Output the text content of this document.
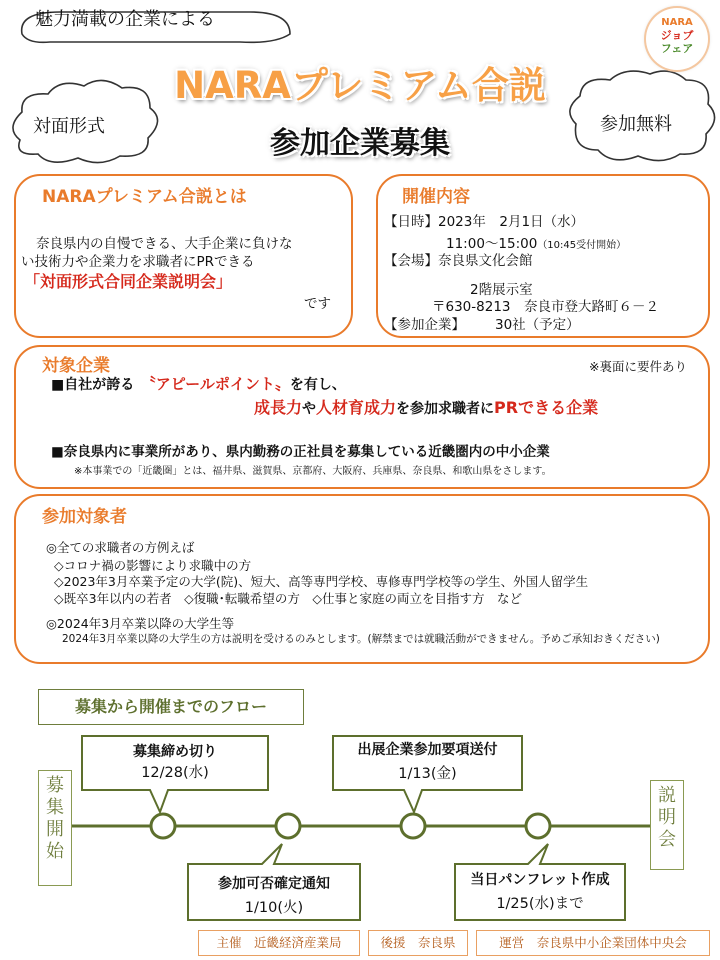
魅力満載の企業による
対面形式	参加無料
NARAプレミアム合説
参加企業募集
NARA
ジョブ
フェア
NARAプレミアム合説とは
奈良県内の自慢できる、大手企業に負けな
い技術力や企業力を求職者にPRできる
「対面形式合同企業説明会」
です
開催内容
【日時】2023年　2月1日（水）
11:00～15:00（10:45受付開始）
【会場】奈良県文化会館
2階展示室
〒630-8213　奈良市登大路町６－２
【参加企業】 30社（予定）
対象企業	※裏面に要件あり
■自社が誇る　〝アピールポイント〟を有し、
成長力や人材育成力を参加求職者にPRできる企業
■奈良県内に事業所があり、県内勤務の正社員を募集している近畿圏内の中小企業
※本事業での「近畿圏」とは、福井県、滋賀県、京都府、大阪府、兵庫県、奈良県、和歌山県をさします。
参加対象者
◎全ての求職者の方例えば
◇コロナ禍の影響により求職中の方
◇2023年3月卒業予定の大学(院)、短大、高等専門学校、専修専門学校等の学生、外国人留学生
◇既卒3年以内の若者　◇復職･転職希望の方　◇仕事と家庭の両立を目指す方　など
◎2024年3月卒業以降の大学生等
2024年3月卒業以降の大学生の方は説明を受けるのみとします。(解禁までは就職活動ができません。予めご承知おきください)
募集から開催までのフロー
募
集
開
始
説
明
会
募集締め切り
12/28(水)
出展企業参加要項送付
1/13(金)
参加可否確定通知
1/10(火)
当日パンフレット作成
1/25(水)まで
主催　近畿経済産業局	後援　奈良県	運営　奈良県中小企業団体中央会
